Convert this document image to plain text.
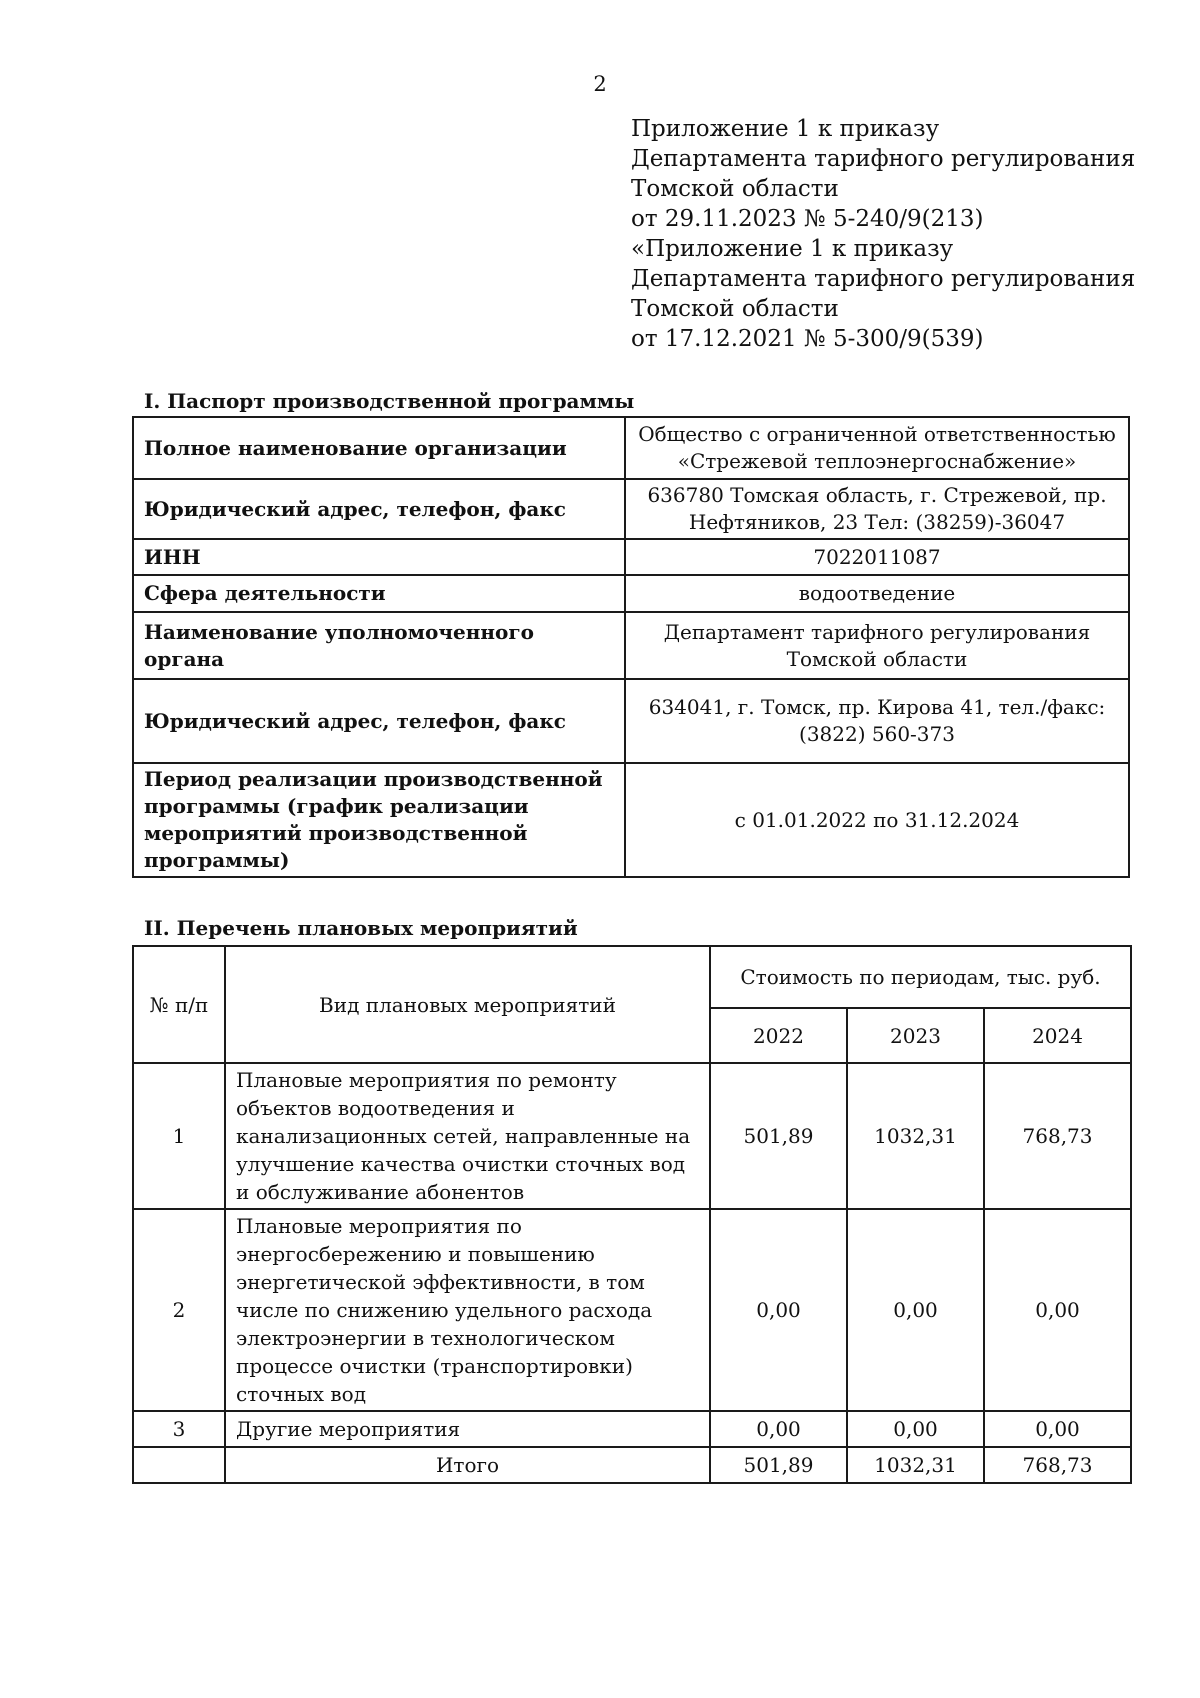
2
Приложение 1 к приказу
Департамента тарифного регулирования
Томской области
от 29.11.2023 № 5-240/9(213)
«Приложение 1 к приказу
Департамента тарифного регулирования
Томской области
от 17.12.2021 № 5-300/9(539)
I. Паспорт производственной программы
Полное наименование организации	Общество с ограниченной ответственностью «Стрежевой теплоэнергоснабжение»
Юридический адрес, телефон, факс	636780 Томская область, г. Стрежевой, пр. Нефтяников, 23 Тел: (38259)-36047
ИНН	7022011087
Сфера деятельности	водоотведение
Наименование уполномоченного органа	Департамент тарифного регулирования Томской области
Юридический адрес, телефон, факс	634041, г. Томск, пр. Кирова 41, тел./факс: (3822) 560-373
Период реализации производственной программы (график реализации мероприятий производственной программы)	с 01.01.2022 по 31.12.2024
II. Перечень плановых мероприятий
№ п/п	Вид плановых мероприятий	Стоимость по периодам, тыс. руб.		
		2022	2023	2024
1	Плановые мероприятия по ремонту объектов водоотведения и канализационных сетей, направленные на улучшение качества очистки сточных вод и обслуживание абонентов	501,89	1032,31	768,73
2	Плановые мероприятия по энергосбережению и повышению энергетической эффективности, в том числе по снижению удельного расхода электроэнергии в технологическом процессе очистки (транспортировки) сточных вод	0,00	0,00	0,00
3	Другие мероприятия	0,00	0,00	0,00
	Итого	501,89	1032,31	768,73
